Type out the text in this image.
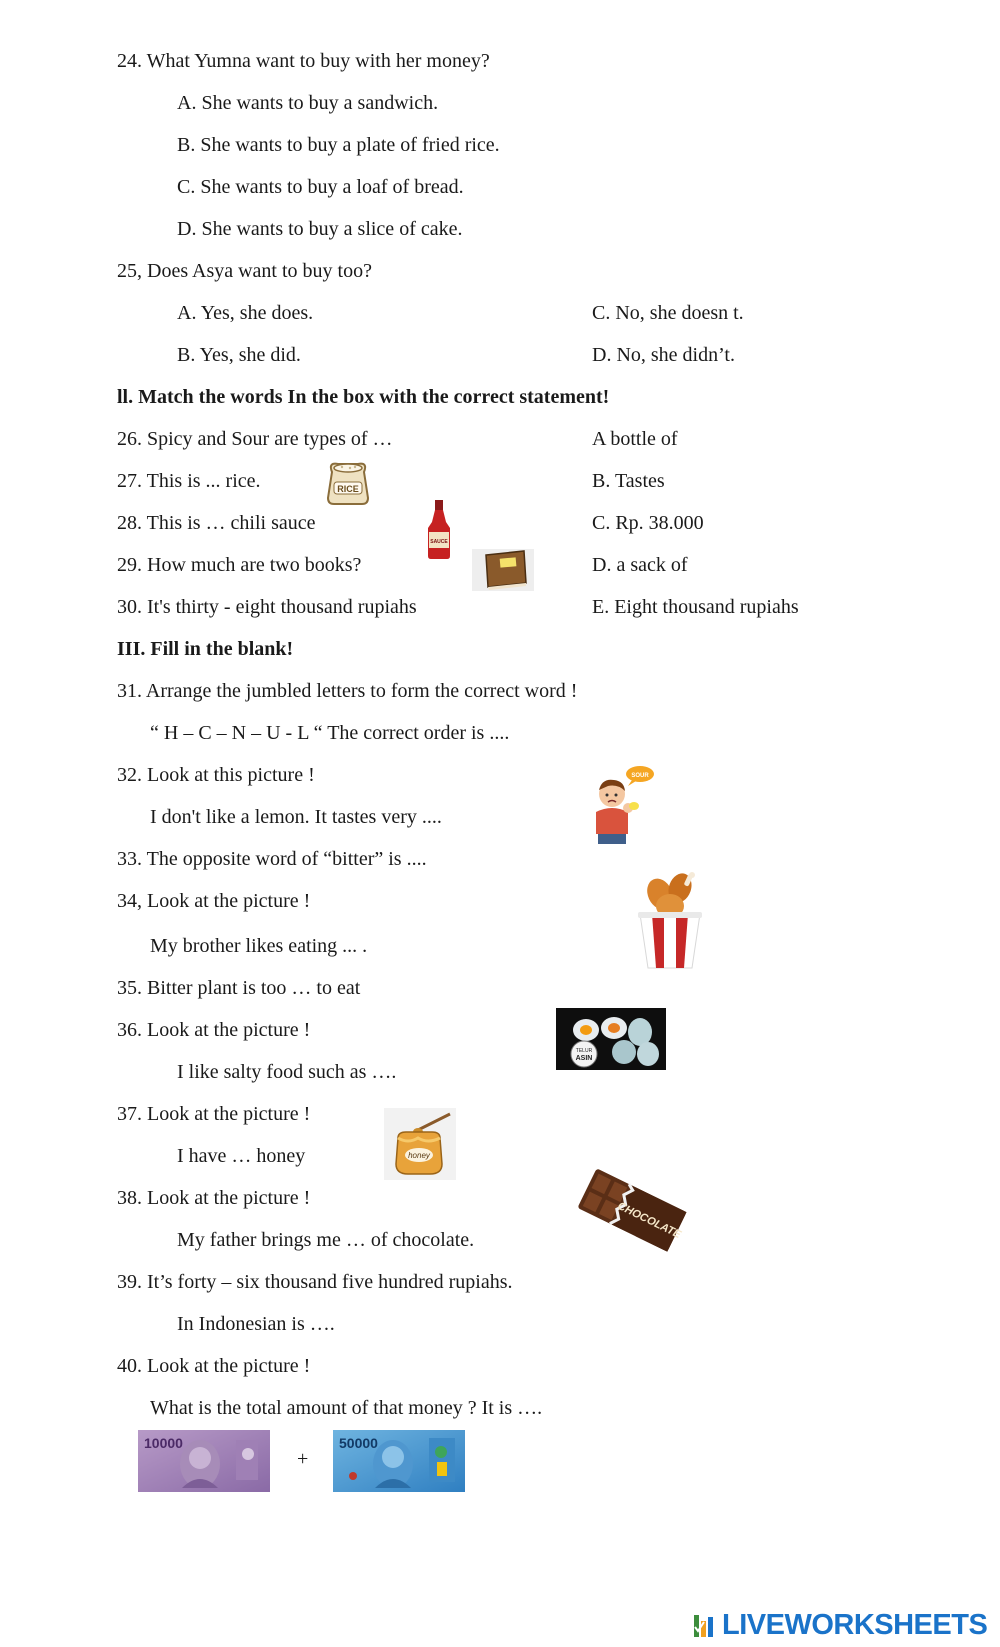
24. What Yumna want to buy with her money?
A. She wants to buy a sandwich.
B. She wants to buy a plate of fried rice.
C. She wants to buy a loaf of bread.
D. She wants to buy a slice of cake.
25, Does Asya want to buy too?
A. Yes, she does.	C. No, she doesn t.
B. Yes, she did.	D. No, she didn’t.
ll. Match the words In the box with the correct statement!
26. Spicy and Sour are types of …	A bottle of
27. This is ... rice.	B. Tastes
28. This is … chili sauce	C. Rp. 38.000
29. How much are two books?	D. a sack of
30. It's thirty - eight thousand rupiahs	E. Eight thousand rupiahs
RICE
SAUCE
III. Fill in the blank!
31. Arrange the jumbled letters to form the correct word !
“ H – C – N – U - L “ The correct order is ....
32. Look at this picture !
I don't like a lemon. It tastes very ....
SOUR
33. The opposite word of “bitter” is ....
34, Look at the picture !
My brother likes eating ... .
35. Bitter plant is too … to eat
36. Look at the picture !
I like salty food such as ….
TELUR
ASIN
37. Look at the picture !
I have … honey	honey
38. Look at the picture !
My father brings me … of chocolate.	CHOCOLATE
39. It’s forty – six thousand five hundred rupiahs.
In Indonesian is ….
40. Look at the picture !
What is the total amount of that money ? It is ….
10000
+
50000
LIVEWORKSHEETS
